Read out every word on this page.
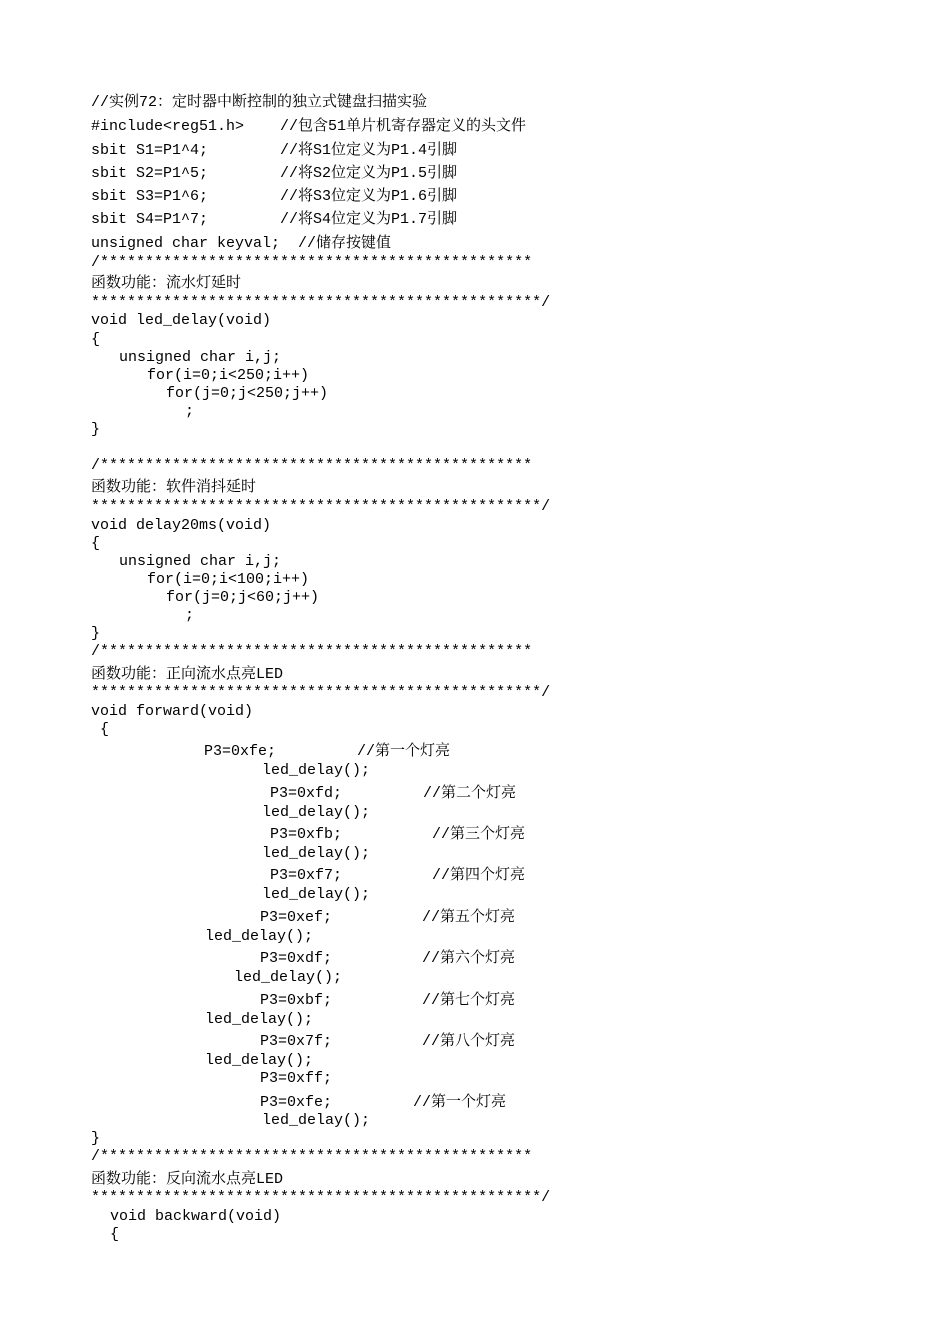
//实例72：定时器中断控制的独立式键盘扫描实验
#include<reg51.h>    //包含51单片机寄存器定义的头文件
sbit S1=P1^4;        //将S1位定义为P1.4引脚
sbit S2=P1^5;        //将S2位定义为P1.5引脚
sbit S3=P1^6;        //将S3位定义为P1.6引脚
sbit S4=P1^7;        //将S4位定义为P1.7引脚
unsigned char keyval;  //储存按键值
/************************************************
函数功能：流水灯延时
**************************************************/
void led_delay(void)
{
unsigned char i,j;
for(i=0;i<250;i++)
for(j=0;j<250;j++)
;
}
/************************************************
函数功能：软件消抖延时
**************************************************/
void delay20ms(void)
{
unsigned char i,j;
for(i=0;i<100;i++)
for(j=0;j<60;j++)
;
}
/************************************************
函数功能：正向流水点亮LED
**************************************************/
void forward(void)
{
P3=0xfe;         //第一个灯亮
led_delay();
P3=0xfd;         //第二个灯亮
led_delay();
P3=0xfb;          //第三个灯亮
led_delay();
P3=0xf7;          //第四个灯亮
led_delay();
P3=0xef;          //第五个灯亮
led_delay();
P3=0xdf;          //第六个灯亮
led_delay();
P3=0xbf;          //第七个灯亮
led_delay();
P3=0x7f;          //第八个灯亮
led_delay();
P3=0xff;
P3=0xfe;         //第一个灯亮
led_delay();
}
/************************************************
函数功能：反向流水点亮LED
**************************************************/
void backward(void)
{
